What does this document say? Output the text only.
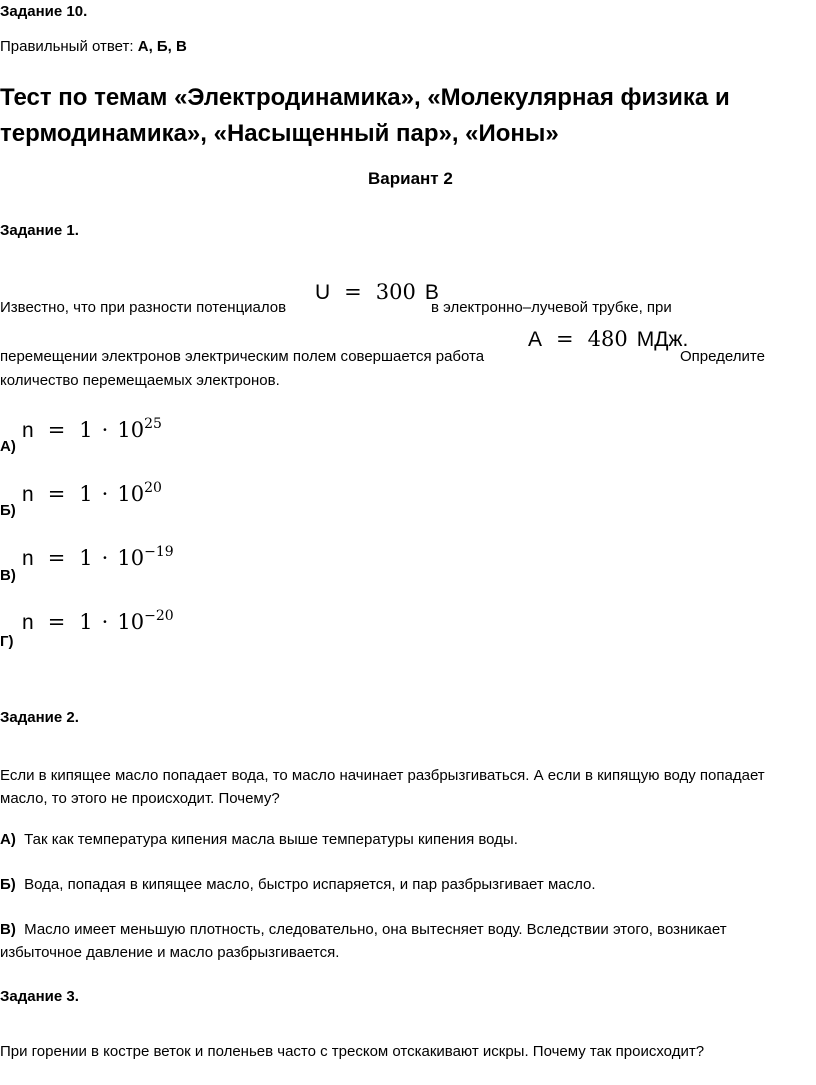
Задание 10.
Правильный ответ: А, Б, В
Тест по темам «Электродинамика», «Молекулярная физика и термодинамика», «Насыщенный пар», «Ионы»
Вариант 2
Задание 1.
U = 300 В
Известно, что при разности потенциалов	в электронно–лучевой трубке, при
А = 480 МДж.
перемещении электронов электрическим полем совершается работа	Определите
количество перемещаемых электронов.
$n = 1 \cdot 10^{25}$
А)
$n = 1 \cdot 10^{20}$
Б)
$n = 1 \cdot 10^{-19}$
В)
$n = 1 \cdot 10^{-20}$
Г)
Задание 2.
Если в кипящее масло попадает вода, то масло начинает разбрызгиваться. А если в кипящую воду попадает масло, то этого не происходит. Почему?
А) Так как температура кипения масла выше температуры кипения воды.
Б) Вода, попадая в кипящее масло, быстро испаряется, и пар разбрызгивает масло.
В) Масло имеет меньшую плотность, следовательно, она вытесняет воду. Вследствии этого, возникает избыточное давление и масло разбрызгивается.
Задание 3.
При горении в костре веток и поленьев часто с треском отскакивают искры. Почему так происходит?
